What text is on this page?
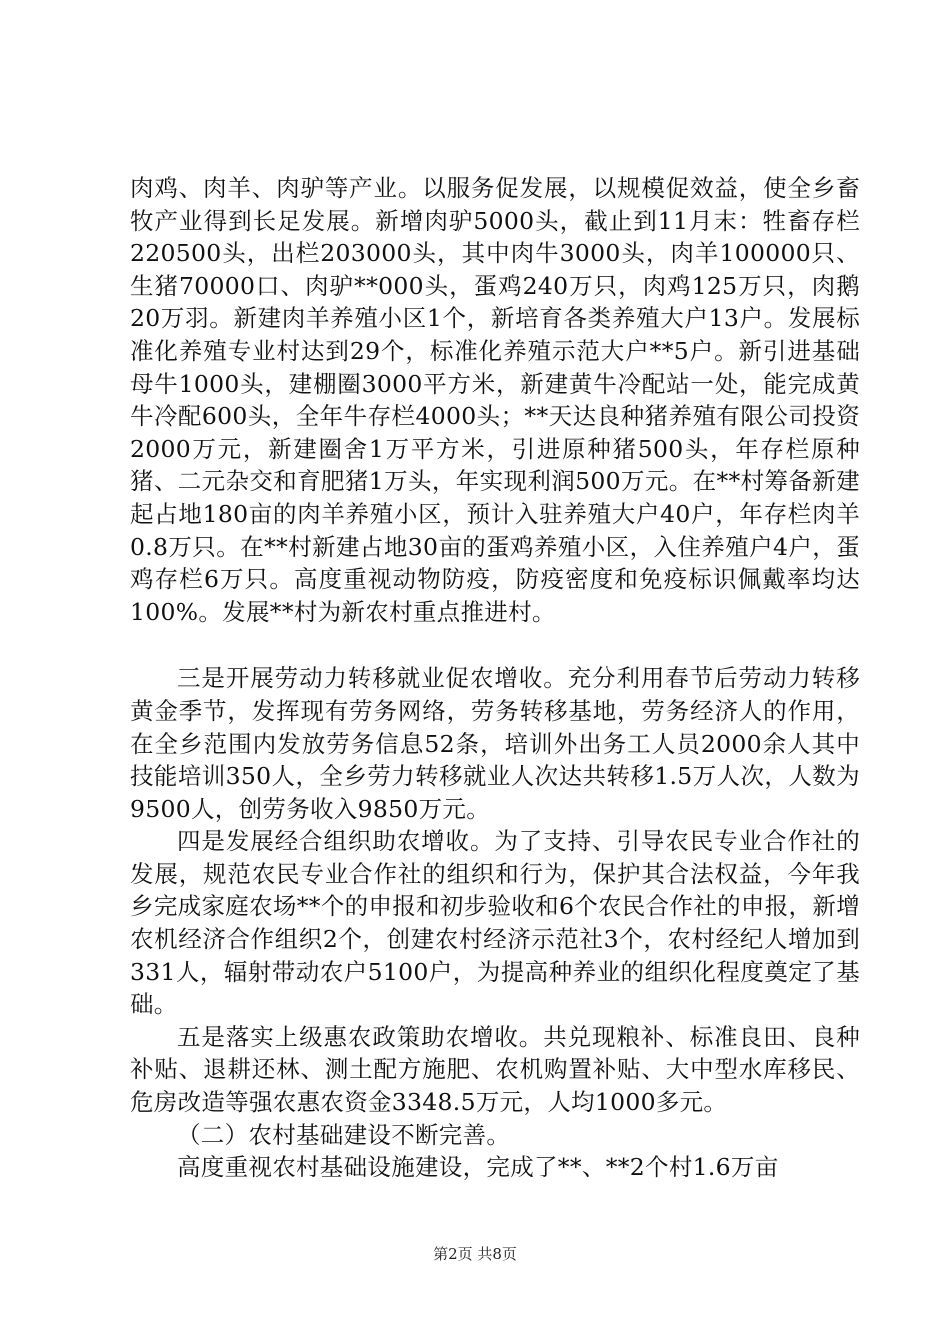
肉鸡、肉羊、肉驴等产业。以服务促发展，以规模促效益，使全乡畜牧产业得到长足发展。新增肉驴5000头，截止到11月末：牲畜存栏220500头，出栏203000头，其中肉牛3000头，肉羊100000只、生猪70000口、肉驴**000头，蛋鸡240万只，肉鸡125万只，肉鹅20万羽。新建肉羊养殖小区1个，新培育各类养殖大户13户。发展标准化养殖专业村达到29个，标准化养殖示范大户**5户。新引进基础母牛1000头，建棚圈3000平方米，新建黄牛冷配站一处，能完成黄牛冷配600头，全年牛存栏4000头；**天达良种猪养殖有限公司投资2000万元，新建圈舍1万平方米，引进原种猪500头，年存栏原种猪、二元杂交和育肥猪1万头，年实现利润500万元。在**村筹备新建起占地180亩的肉羊养殖小区，预计入驻养殖大户40户，年存栏肉羊0.8万只。在**村新建占地30亩的蛋鸡养殖小区，入住养殖户4户，蛋鸡存栏6万只。高度重视动物防疫，防疫密度和免疫标识佩戴率均达100%。发展**村为新农村重点推进村。

三是开展劳动力转移就业促农增收。充分利用春节后劳动力转移黄金季节，发挥现有劳务网络，劳务转移基地，劳务经济人的作用，在全乡范围内发放劳务信息52条，培训外出务工人员2000余人其中技能培训350人，全乡劳力转移就业人次达共转移1.5万人次，人数为9500人，创劳务收入9850万元。

四是发展经合组织助农增收。为了支持、引导农民专业合作社的发展，规范农民专业合作社的组织和行为，保护其合法权益，今年我乡完成家庭农场**个的申报和初步验收和6个农民合作社的申报，新增农机经济合作组织2个，创建农村经济示范社3个，农村经纪人增加到331人，辐射带动农户5100户，为提高种养业的组织化程度奠定了基础。

五是落实上级惠农政策助农增收。共兑现粮补、标准良田、良种补贴、退耕还林、测土配方施肥、农机购置补贴、大中型水库移民、危房改造等强农惠农资金3348.5万元，人均1000多元。

（二）农村基础建设不断完善。

高度重视农村基础设施建设，完成了**、**2个村1.6万亩

第2页 共8页
